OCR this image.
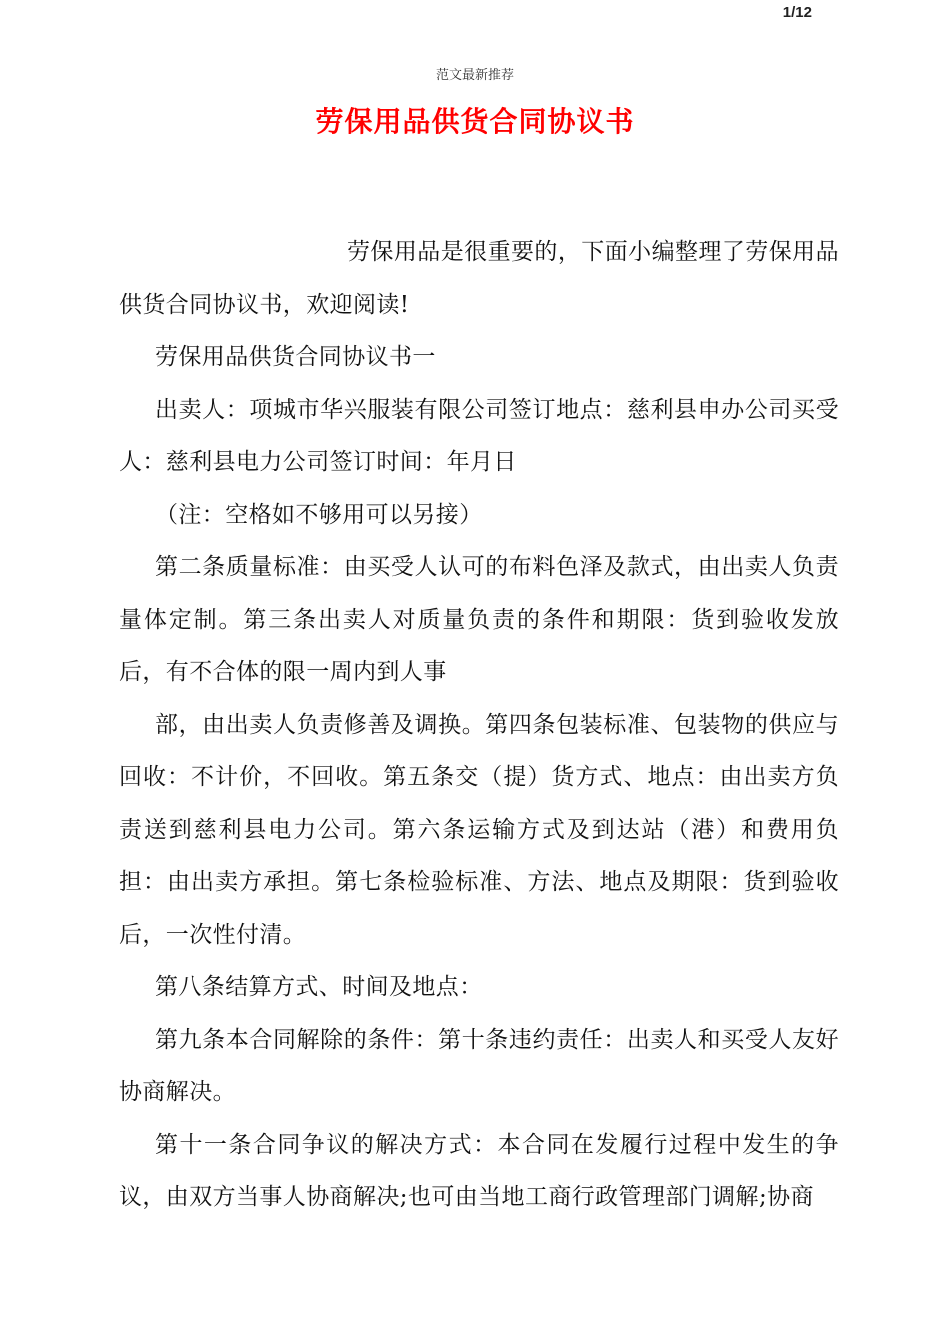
1/12
范文最新推荐
劳保用品供货合同协议书

劳保用品是很重要的，下面小编整理了劳保用品供货合同协议书，欢迎阅读!

劳保用品供货合同协议书一

出卖人：项城市华兴服装有限公司签订地点：慈利县申办公司买受人：慈利县电力公司签订时间：年月日

（注：空格如不够用可以另接）

第二条质量标准：由买受人认可的布料色泽及款式，由出卖人负责量体定制。第三条出卖人对质量负责的条件和期限：货到验收发放后，有不合体的限一周内到人事

部，由出卖人负责修善及调换。第四条包装标准、包装物的供应与回收：不计价，不回收。第五条交（提）货方式、地点：由出卖方负责送到慈利县电力公司。第六条运输方式及到达站（港）和费用负担：由出卖方承担。第七条检验标准、方法、地点及期限：货到验收后，一次性付清。

第八条结算方式、时间及地点：

第九条本合同解除的条件：第十条违约责任：出卖人和买受人友好协商解决。

第十一条合同争议的解决方式：本合同在发履行过程中发生的争议，由双方当事人协商解决;也可由当地工商行政管理部门调解;协商
